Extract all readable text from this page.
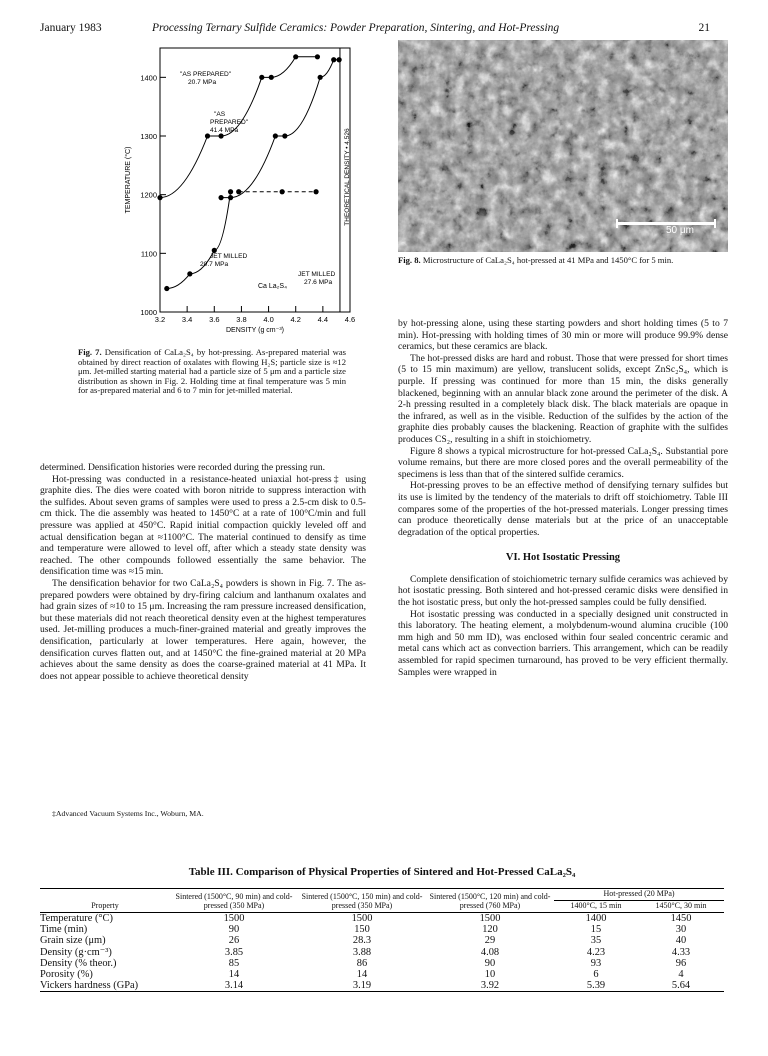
January 1983	Processing Ternary Sulfide Ceramics: Powder Preparation, Sintering, and Hot-Pressing	21
3.2 3.4 3.6 3.8 4.0 4.2 4.4 4.6
1000
1100
1200
1300
1400
DENSITY (g cm⁻³)
TEMPERATURE (°C)	THEORETICAL DENSITY • 4.526
"AS PREPARED"
20.7 MPa
"AS
PREPARED"
41.4 MPa
JET MILLED
20.7 MPa
JET MILLED
27.6 MPa
Ca La₂S₄
Fig. 7. Densification of CaLa₂S₄ by hot-pressing. As-prepared material was obtained by direct reaction of oxalates with flowing H₂S; particle size is ≈12 μm. Jet-milled starting material had a particle size of 5 μm and a particle size distribution as shown in Fig. 2. Holding time at final temperature was 5 min for as-prepared material and 6 to 7 min for jet-milled material.
50 μm
Fig. 8. Microstructure of CaLa₂S₄ hot-pressed at 41 MPa and 1450°C for 5 min.

determined. Densification histories were recorded during the pressing run.

Hot-pressing was conducted in a resistance-heated uniaxial hot-press‡ using graphite dies. The dies were coated with boron nitride to suppress interaction with the sulfides. About seven grams of samples were used to press a 2.5-cm disk to 0.5-cm thick. The die assembly was heated to 1450°C at a rate of 100°C/min and full pressure was applied at 450°C. Rapid initial compaction quickly leveled off and actual densification began at ≈1100°C. The material continued to densify as time and temperature were allowed to level off, after which a steady state density was reached. The other compounds followed essentially the same behavior. The densification time was ≈15 min.

The densification behavior for two CaLa₂S₄ powders is shown in Fig. 7. The as-prepared powders were obtained by dry-firing calcium and lanthanum oxalates and had grain sizes of ≈10 to 15 μm. Increasing the ram pressure increased densification, but these materials did not reach theoretical density even at the highest temperatures used. Jet-milling produces a much-finer-grained material and greatly improves the densification, particularly at lower temperatures. Here again, however, the densification curves flatten out, and at 1450°C the fine-grained material at 20 MPa achieves about the same density as does the coarse-grained material at 41 MPa. It does not appear possible to achieve theoretical density

‡Advanced Vacuum Systems Inc., Woburn, MA.

by hot-pressing alone, using these starting powders and short holding times (5 to 7 min). Hot-pressing with holding times of 30 min or more will produce 99.9% dense ceramics, but these ceramics are black.

The hot-pressed disks are hard and robust. Those that were pressed for short times (5 to 15 min maximum) are yellow, translucent solids, except ZnSc₂S₄, which is purple. If pressing was continued for more than 15 min, the disks generally blackened, beginning with an annular black zone around the perimeter of the disk. A 2-h pressing resulted in a completely black disk. The black materials are opaque in the infrared, as well as in the visible. Reduction of the sulfides by the action of the graphite dies probably causes the blackening. Reaction of graphite with the sulfides produces CS₂, resulting in a shift in stoichiometry.

Figure 8 shows a typical microstructure for hot-pressed CaLa₂S₄. Substantial pore volume remains, but there are more closed pores and the overall permeability of the specimens is less than that of the sintered sulfide ceramics.

Hot-pressing proves to be an effective method of densifying ternary sulfides but its use is limited by the tendency of the materials to drift off stoichiometry. Table III compares some of the properties of the hot-pressed materials. Longer pressing times can produce theoretically dense materials but at the price of an unacceptable degradation of the optical properties.

VI. Hot Isostatic Pressing

Complete densification of stoichiometric ternary sulfide ceramics was achieved by hot isostatic pressing. Both sintered and hot-pressed ceramic disks were densified in the hot isostatic press, but only the hot-pressed samples could be fully densified.

Hot isostatic pressing was conducted in a specially designed unit constructed in this laboratory. The heating element, a molybdenum-wound alumina crucible (100 mm high and 50 mm ID), was enclosed within four sealed concentric ceramic and metal cans which act as convection barriers. This arrangement, which can be readily assembled for rapid specimen turnaround, has proved to be very efficient thermally. Samples were wrapped in

Table III. Comparison of Physical Properties of Sintered and Hot-Pressed CaLa₂S₄
Property	Sintered (1500°C, 90 min) and cold-pressed (350 MPa)	Sintered (1500°C, 150 min) and cold-pressed (350 MPa)	Sintered (1500°C, 120 min) and cold-pressed (760 MPa)	Hot-pressed (20 MPa)	
				1400°C, 15 min	1450°C, 30 min
Temperature (°C)	1500	1500	1500	1400	1450
Time (min)	90	150	120	15	30
Grain size (μm)	26	28.3	29	35	40
Density (g·cm⁻³)	3.85	3.88	4.08	4.23	4.33
Density (% theor.)	85	86	90	93	96
Porosity (%)	14	14	10	6	4
Vickers hardness (GPa)	3.14	3.19	3.92	5.39	5.64
